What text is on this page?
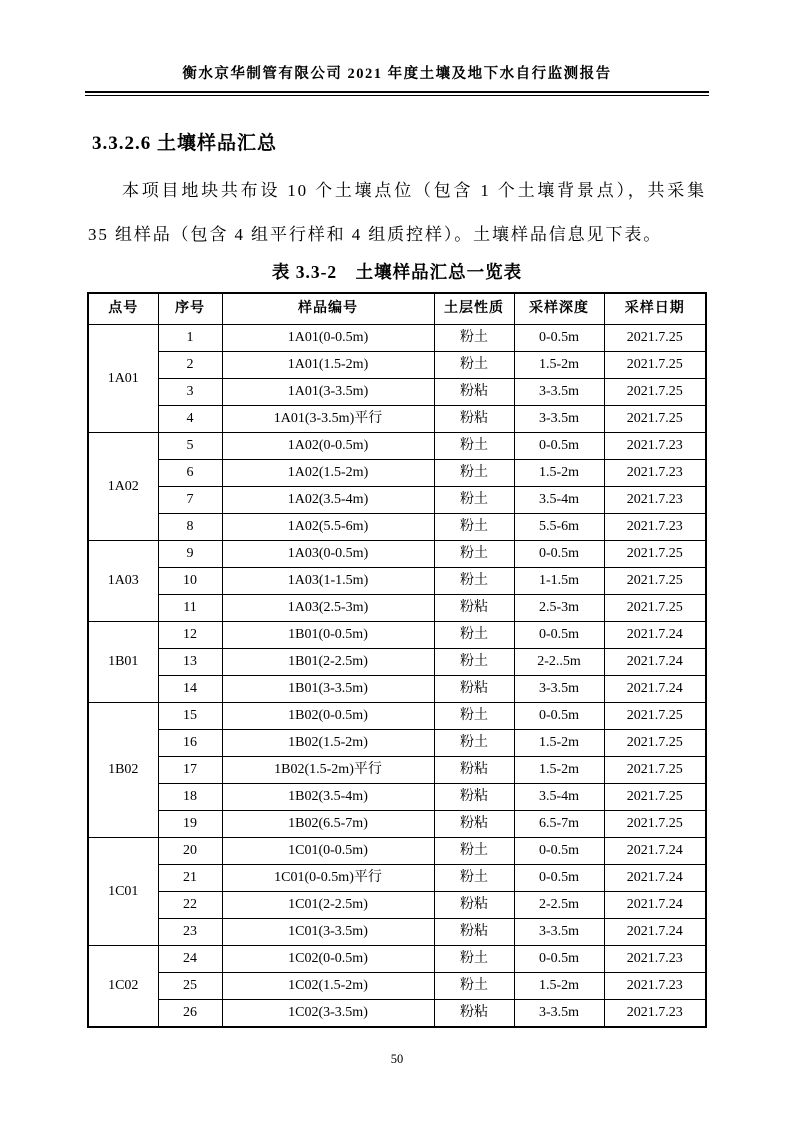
衡水京华制管有限公司 2021 年度土壤及地下水自行监测报告
3.3.2.6 土壤样品汇总
本项目地块共布设 10 个土壤点位（包含 1 个土壤背景点），共采集 35 组样品（包含 4 组平行样和 4 组质控样）。土壤样品信息见下表。
表 3.3-2　土壤样品汇总一览表
点号	序号	样品编号	土层性质	采样深度	采样日期
1A01	1	1A01(0-0.5m)	粉土	0-0.5m	2021.7.25
	2	1A01(1.5-2m)	粉土	1.5-2m	2021.7.25
	3	1A01(3-3.5m)	粉粘	3-3.5m	2021.7.25
	4	1A01(3-3.5m)平行	粉粘	3-3.5m	2021.7.25
1A02	5	1A02(0-0.5m)	粉土	0-0.5m	2021.7.23
	6	1A02(1.5-2m)	粉土	1.5-2m	2021.7.23
	7	1A02(3.5-4m)	粉土	3.5-4m	2021.7.23
	8	1A02(5.5-6m)	粉土	5.5-6m	2021.7.23
1A03	9	1A03(0-0.5m)	粉土	0-0.5m	2021.7.25
	10	1A03(1-1.5m)	粉土	1-1.5m	2021.7.25
	11	1A03(2.5-3m)	粉粘	2.5-3m	2021.7.25
1B01	12	1B01(0-0.5m)	粉土	0-0.5m	2021.7.24
	13	1B01(2-2.5m)	粉土	2-2..5m	2021.7.24
	14	1B01(3-3.5m)	粉粘	3-3.5m	2021.7.24
1B02	15	1B02(0-0.5m)	粉土	0-0.5m	2021.7.25
	16	1B02(1.5-2m)	粉土	1.5-2m	2021.7.25
	17	1B02(1.5-2m)平行	粉粘	1.5-2m	2021.7.25
	18	1B02(3.5-4m)	粉粘	3.5-4m	2021.7.25
	19	1B02(6.5-7m)	粉粘	6.5-7m	2021.7.25
1C01	20	1C01(0-0.5m)	粉土	0-0.5m	2021.7.24
	21	1C01(0-0.5m)平行	粉土	0-0.5m	2021.7.24
	22	1C01(2-2.5m)	粉粘	2-2.5m	2021.7.24
	23	1C01(3-3.5m)	粉粘	3-3.5m	2021.7.24
1C02	24	1C02(0-0.5m)	粉土	0-0.5m	2021.7.23
	25	1C02(1.5-2m)	粉土	1.5-2m	2021.7.23
	26	1C02(3-3.5m)	粉粘	3-3.5m	2021.7.23
50
